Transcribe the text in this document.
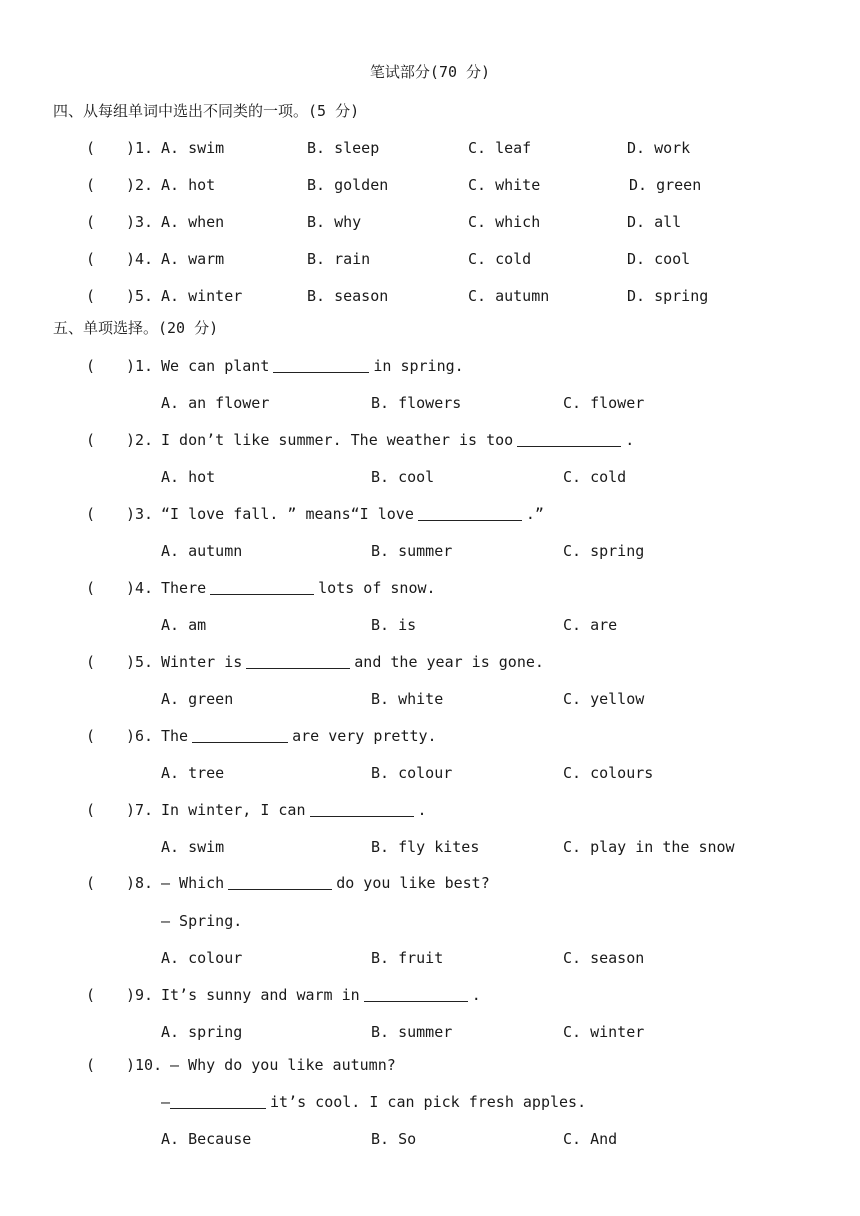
笔试部分(70 分)
四、从每组单词中选出不同类的一项。(5 分)
( )1. A. swim	B. sleep	C. leaf	D. work
( )2. A. hot	B. golden	C. white	D. green
( )3. A. when	B. why	C. which	D. all
( )4. A. warm	B. rain	C. cold	D. cool
( )5. A. winter	B. season	C. autumn	D. spring
五、单项选择。(20 分)
( )1. We can plant	in spring.
A. an flower	B. flowers	C. flower
( )2. I don’t like summer. The weather is too	.
A. hot	B. cool	C. cold
( )3. “I love fall. ” means“I love	.”
A. autumn	B. summer	C. spring
( )4. There	lots of snow.
A. am	B. is	C. are
( )5. Winter is	and the year is gone.
A. green	B. white	C. yellow
( )6. The	are very pretty.
A. tree	B. colour	C. colours
( )7. In winter, I can	.
A. swim	B. fly kites	C. play in the snow
( )8. — Which	do you like best?
— Spring.
A. colour	B. fruit	C. season
( )9. It’s sunny and warm in	.
A. spring	B. summer	C. winter
( )10. — Why do you like autumn?
—	it’s cool. I can pick fresh apples.
A. Because	B. So	C. And
